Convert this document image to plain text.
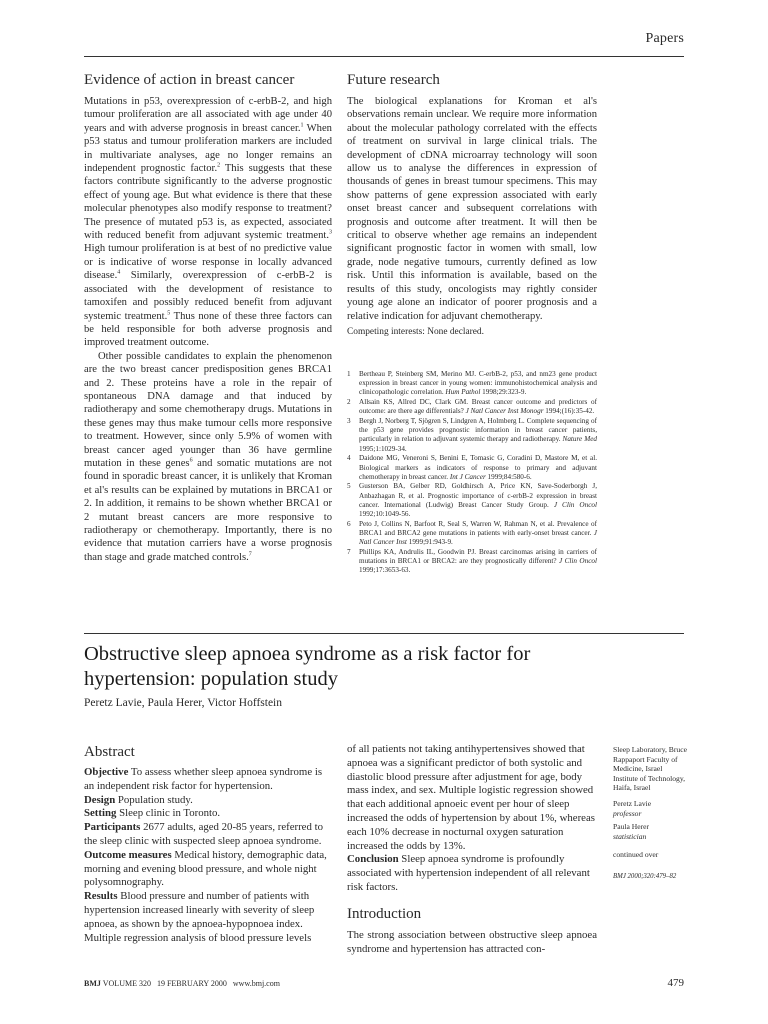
Papers
Evidence of action in breast cancer

Mutations in p53, overexpression of c-erbB-2, and high tumour proliferation are all associated with age under 40 years and with adverse prognosis in breast cancer.$^1$ When p53 status and tumour proliferation markers are included in multivariate analyses, age no longer remains an independent prognostic factor.$^2$ This suggests that these factors contribute significantly to the adverse prognostic effect of young age. But what evidence is there that these molecular phenotypes also modify response to treatment? The presence of mutated p53 is, as expected, associated with reduced benefit from adjuvant systemic treatment.$^3$ High tumour proliferation is at best of no predictive value or is indicative of worse response in locally advanced disease.$^4$ Similarly, overexpression of c-erbB-2 is associated with the development of resistance to tamoxifen and possibly reduced benefit from adjuvant systemic treatment.$^5$ Thus none of these three factors can be held responsible for both adverse prognosis and improved treatment outcome.

Other possible candidates to explain the phenomenon are the two breast cancer predisposition genes BRCA1 and 2. These proteins have a role in the repair of spontaneous DNA damage and that induced by radiotherapy and some chemotherapy drugs. Mutations in these genes may thus make tumour cells more responsive to treatment. However, since only 5.9% of women with breast cancer aged younger than 36 have germline mutation in these genes$^6$ and somatic mutations are not found in sporadic breast cancer, it is unlikely that Kroman et al's results can be explained by mutations in BRCA1 or 2. In addition, it remains to be shown whether BRCA1 or 2 mutant breast cancers are more responsive to radiotherapy or chemotherapy. Importantly, there is no evidence that mutation carriers have a worse prognosis than stage and grade matched controls.$^7$

Future research

The biological explanations for Kroman et al's observations remain unclear. We require more information about the molecular pathology correlated with the effects of treatment on survival in large clinical trials. The development of cDNA microarray technology will soon allow us to analyse the differences in expression of thousands of genes in breast tumour specimens. This may show patterns of gene expression associated with early onset breast cancer and subsequent correlations with prognosis and outcome after treatment. It will then be critical to observe whether age remains an independent significant prognostic factor in women with small, low grade, node negative tumours, currently defined as low risk. Until this information is available, based on the results of this study, oncologists may rightly consider young age alone an indicator of poorer prognosis and a relative indication for adjuvant chemotherapy.

Competing interests: None declared.

1	Bertheau P, Steinberg SM, Merino MJ. C-erbB-2, p53, and nm23 gene product expression in breast cancer in young women: immunohistochemical analysis and clinicopathologic correlation. Hum Pathol 1998;29:323-9.
2	Allsain KS, Allred DC, Clark GM. Breast cancer outcome and predictors of outcome: are there age differentials? J Natl Cancer Inst Monogr 1994;(16):35-42.
3	Bergh J, Norberg T, Sjögren S, Lindgren A, Holmberg L. Complete sequencing of the p53 gene provides prognostic information in breast cancer patients, particularly in relation to adjuvant systemic therapy and radiotherapy. Nature Med 1995;1:1029-34.
4	Daidone MG, Veneroni S, Benini E, Tomasic G, Coradini D, Mastore M, et al. Biological markers as indicators of response to primary and adjuvant chemotherapy in breast cancer. Int J Cancer 1999;84:580-6.
5	Gusterson BA, Gelber RD, Goldhirsch A, Price KN, Save-Soderborgh J, Anbazhagan R, et al. Prognostic importance of c-erbB-2 expression in breast cancer. International (Ludwig) Breast Cancer Study Group. J Clin Oncol 1992;10:1049-56.
6	Peto J, Collins N, Barfoot R, Seal S, Warren W, Rahman N, et al. Prevalence of BRCA1 and BRCA2 gene mutations in patients with early-onset breast cancer. J Natl Cancer Inst 1999;91:943-9.
7	Phillips KA, Andrulis IL, Goodwin PJ. Breast carcinomas arising in carriers of mutations in BRCA1 or BRCA2: are they prognostically different? J Clin Oncol 1999;17:3653-63.
Obstructive sleep apnoea syndrome as a risk factor for hypertension: population study
Peretz Lavie, Paula Herer, Victor Hoffstein
Abstract

Objective To assess whether sleep apnoea syndrome is an independent risk factor for hypertension.

Design Population study.

Setting Sleep clinic in Toronto.

Participants 2677 adults, aged 20-85 years, referred to the sleep clinic with suspected sleep apnoea syndrome.

Outcome measures Medical history, demographic data, morning and evening blood pressure, and whole night polysomnography.

Results Blood pressure and number of patients with hypertension increased linearly with severity of sleep apnoea, as shown by the apnoea-hypopnoea index. Multiple regression analysis of blood pressure levels

of all patients not taking antihypertensives showed that apnoea was a significant predictor of both systolic and diastolic blood pressure after adjustment for age, body mass index, and sex. Multiple logistic regression showed that each additional apnoeic event per hour of sleep increased the odds of hypertension by about 1%, whereas each 10% decrease in nocturnal oxygen saturation increased the odds by 13%.

Conclusion Sleep apnoea syndrome is profoundly associated with hypertension independent of all relevant risk factors.

Introduction
The strong association between obstructive sleep apnoea syndrome and hypertension has attracted con-

Sleep Laboratory, Bruce Rappaport Faculty of Medicine, Israel Institute of Technology, Haifa, Israel

Peretz Lavie

professor

Paula Herer

statistician

continued over

BMJ 2000;320:479–82

BMJ VOLUME 320   19 FEBRUARY 2000   www.bmj.com	479
